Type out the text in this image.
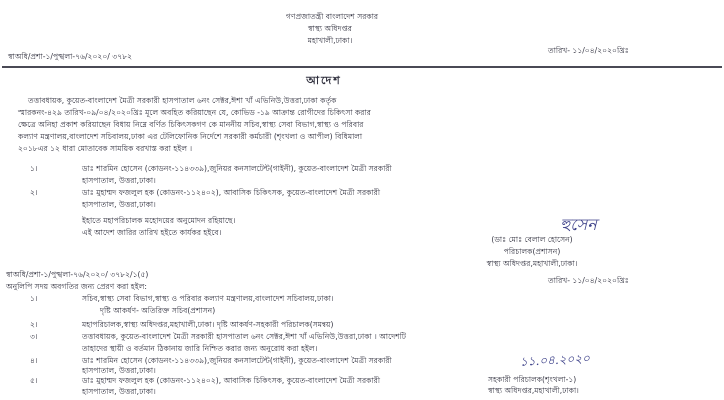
গণপ্রজাতন্ত্রী বাংলাদেশ সরকার
স্বাস্থ্য অধিদপ্তর
মহাখালী,ঢাকা।
স্বাঅধি/প্রশা-১/পুস্খলা-৭৬/২০২০/ ৩৭৮২
তারিখ- ১১/০৪/২০২০খ্রিঃ
আদেশ
তত্তাবধায়ক, কুয়েত-বাংলাদেশ মৈত্রী সরকারী হাসপাতাল ৬নং সেক্টর,ঈশা খাঁ এভিনিউ,উত্তরা,ঢাকা কর্তৃক
স্মারকনং-৪২৯ তারিখ-০৯/০৪/২০২০খ্রিঃ মূলে অবহিত করিয়াছেন যে, কোভিড -১৯ আক্রান্ত রোগীদের চিকিৎসা করার
ক্ষেত্রে অনিহা প্রকাশ করিয়াছেন বিধায় নিম্নে বর্ণিত চিকিৎসকগণ কে মাননীয় সচিব,স্বাস্থ্য সেবা বিভাগ,স্বাস্থ্য ও পরিবার
কল্যাণ মন্ত্রণালয়,বাংলাদেশ সচিবালয়,ঢাকা এর টেলিফোনিক নির্দেশে সরকারী কর্মচারী (শৃংখলা ও আপীল) বিধিমালা
২০১৮এর ১২ ধারা মোতাবেক সাময়িক বরখাস্ত করা হইল ।
১।	ডাঃ শারমিন হোসেন (কোডনং-১১৪৩৩৯),জুনিয়র কনসালটেন্ট(গাইনী), কুয়েত-বাংলাদেশ মৈত্রী সরকারী
হাসপাতাল, উত্তরা,ঢাকা।
২।	ডাঃ মুহাম্মদ ফজলুল হক (কোডনং-১১২৪০২), আবাসিক চিকিৎসক, কুয়েত-বাংলাদেশ মৈত্রী সরকারী
হাসপাতাল, উত্তরা,ঢাকা।
ইহাতে মহাপরিচালক মহোদয়ের অনুমোদন রহিয়াছে।
এই আদেশ জারির তারিখ হইতে কার্যকর হইবে।	হুসেন
(ডাঃ মোঃ বেলাল হোসেন)
পরিচালক(প্রশাসন)
স্বাস্থ্য অধিদপ্তর,মহাখালী,ঢাকা।
স্বাঅধি/প্রশা-১/পুস্খলা-৭৬/২০২০/ ৩৭৮২/১(৫)
তারিখ- ১১/০৪/২০২০খ্রিঃ
অনুলিপি সদয় অবগতির জন্য প্রেরণ করা হইল:
১।	সচিব,স্বাস্থ্য সেবা বিভাগ,স্বাস্থ্য ও পরিবার কল্যাণ মন্ত্রণালয়,বাংলাদেশ সচিবালয়,ঢাকা।
দৃষ্টি আকর্ষণ- অতিরিক্ত সচিব(প্রশাসন)
২।	মহাপরিচালক,স্বাস্থ্য অধিদপ্তর,মহাখালী,ঢাকা। দৃষ্টি আকর্ষণ-সহকারী পরিচালক(সমন্বয়)
৩।	তত্তাবধায়ক, কুয়েত-বাংলাদেশ মৈত্রী সরকারী হাসপাতাল ৬নং সেক্টর,ঈশা খাঁ এভিনিউ,উত্তরা,ঢাকা । আদেশটি
তাহাদের স্থায়ী ও বর্তমান ঠিকানায় জারি নিশ্চিত করার জন্য অনুরোধ করা হইল।
৪।	ডাঃ শারমিন হোসেন (কোডনং-১১৪৩৩৯),জুনিয়র কনসালটেন্ট(গাইনী), কুয়েত-বাংলাদেশ মৈত্রী সরকারী
হাসপাতাল, উত্তরা,ঢাকা।
৫।	ডাঃ মুহাম্মদ ফজলুল হক (কোডনং-১১২৪০২), আবাসিক চিকিৎসক, কুয়েত-বাংলাদেশ মৈত্রী সরকারী
হাসপাতাল, উত্তরা,ঢাকা।
১১.০৪.২০২০
সহকারী পরিচালক(শৃংখলা-১)
স্বাস্থ্য অধিদপ্তর,মহাখালী,ঢাকা।
